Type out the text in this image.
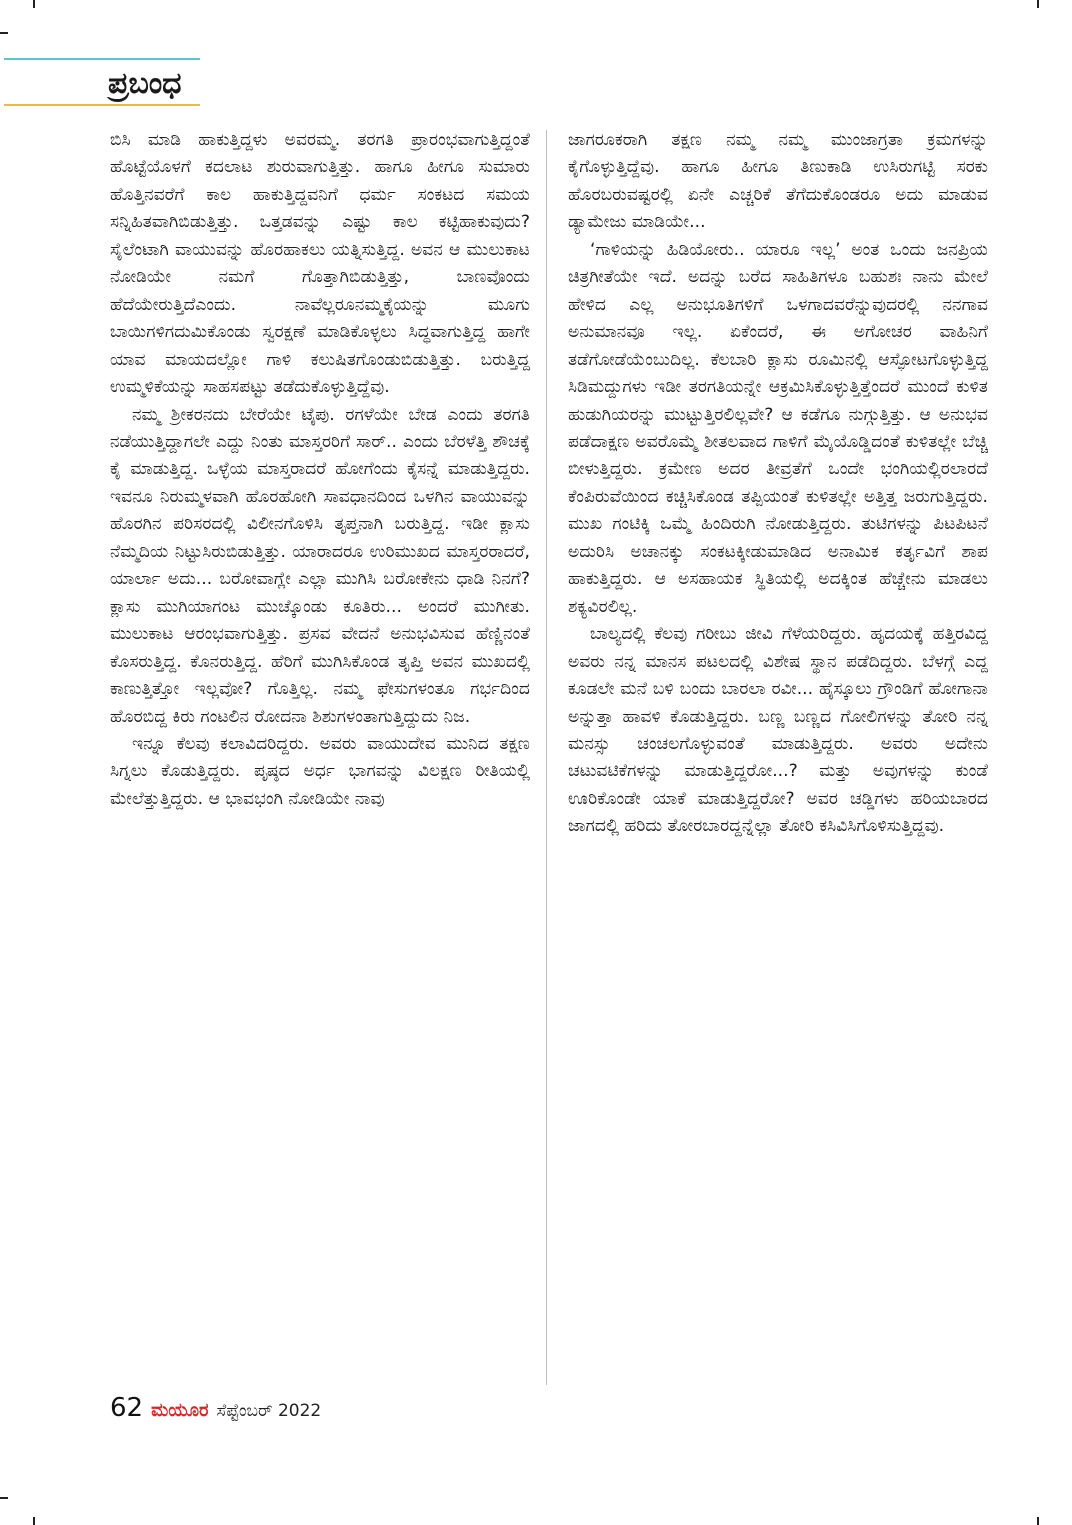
ಪ್ರಬಂಧ

ಬಿಸಿ ಮಾಡಿ ಹಾಕುತ್ತಿದ್ದಳು ಅವರಮ್ಮ. ತರಗತಿ ಪ್ರಾರಂಭವಾಗುತ್ತಿದ್ದಂತೆ ಹೊಟ್ಟೆಯೊಳಗೆ ಕದಲಾಟ ಶುರುವಾಗುತ್ತಿತ್ತು. ಹಾಗೂ ಹೀಗೂ ಸುಮಾರು ಹೊತ್ತಿನವರೆಗೆ ಕಾಲ ಹಾಕುತ್ತಿದ್ದವನಿಗೆ ಧರ್ಮ ಸಂಕಟದ ಸಮಯ ಸನ್ನಿಹಿತವಾಗಿಬಿಡುತ್ತಿತ್ತು. ಒತ್ತಡವನ್ನು ಎಷ್ಟು ಕಾಲ ಕಟ್ಟಿಹಾಕುವುದು? ಸೈಲೆಂಟಾಗಿ ವಾಯುವನ್ನು ಹೊರಹಾಕಲು ಯತ್ನಿಸುತ್ತಿದ್ದ. ಅವನ ಆ ಮುಲುಕಾಟ ನೋಡಿಯೇ ನಮಗೆ ಗೊತ್ತಾಗಿಬಿಡುತ್ತಿತ್ತು, ಬಾಣವೊಂದು ಹೆದೆಯೇರುತ್ತಿದೆಎಂದು. ನಾವೆಲ್ಲರೂನಮ್ಮಕೈಯನ್ನು ಮೂಗು ಬಾಯಿಗಳಿಗದುಮಿಕೊಂಡು ಸ್ವರಕ್ಷಣೆ ಮಾಡಿಕೊಳ್ಳಲು ಸಿದ್ಧವಾಗುತ್ತಿದ್ದ ಹಾಗೇ ಯಾವ ಮಾಯದಲ್ಲೋ ಗಾಳಿ ಕಲುಷಿತಗೊಂಡುಬಿಡುತ್ತಿತ್ತು. ಬರುತ್ತಿದ್ದ ಉಮ್ಮಳಿಕೆಯನ್ನು ಸಾಹಸಪಟ್ಟು ತಡೆದುಕೊಳ್ಳುತ್ತಿದ್ದೆವು.

ನಮ್ಮ ಶ್ರೀಕರನದು ಬೇರೆಯೇ ಟೈಪು. ರಗಳೆಯೇ ಬೇಡ ಎಂದು ತರಗತಿ ನಡೆಯುತ್ತಿದ್ದಾಗಲೇ ಎದ್ದು ನಿಂತು ಮಾಸ್ತರರಿಗೆ ಸಾರ್.. ಎಂದು ಬೆರಳೆತ್ತಿ ಶೌಚಕ್ಕೆ ಕೈ ಮಾಡುತ್ತಿದ್ದ. ಒಳ್ಳೆಯ ಮಾಸ್ತರಾದರೆ ಹೋಗೆಂದು ಕೈಸನ್ನೆ ಮಾಡುತ್ತಿದ್ದರು. ಇವನೂ ನಿರುಮ್ಮಳವಾಗಿ ಹೊರಹೋಗಿ ಸಾವಧಾನದಿಂದ ಒಳಗಿನ ವಾಯುವನ್ನು ಹೊರಗಿನ ಪರಿಸರದಲ್ಲಿ ವಿಲೀನಗೊಳಿಸಿ ತೃಪ್ತನಾಗಿ ಬರುತ್ತಿದ್ದ. ಇಡೀ ಕ್ಲಾಸು ನೆಮ್ಮದಿಯ ನಿಟ್ಟುಸಿರುಬಿಡುತ್ತಿತ್ತು. ಯಾರಾದರೂ ಉರಿಮುಖದ ಮಾಸ್ತರರಾದರೆ, ಯಾರ್ಲಾ ಅದು... ಬರೋವಾಗ್ಲೇ ಎಲ್ಲಾ ಮುಗಿಸಿ ಬರೋಕೇನು ಧಾಡಿ ನಿನಗೆ? ಕ್ಲಾಸು ಮುಗಿಯಾಗಂಟ ಮುಚ್ಕೊಂಡು ಕೂತಿರು... ಅಂದರೆ ಮುಗೀತು. ಮುಲುಕಾಟ ಆರಂಭವಾಗುತ್ತಿತ್ತು. ಪ್ರಸವ ವೇದನೆ ಅನುಭವಿಸುವ ಹೆಣ್ಣಿನಂತೆ ಕೊಸರುತ್ತಿದ್ದ. ಕೊನರುತ್ತಿದ್ದ. ಹೆರಿಗೆ ಮುಗಿಸಿಕೊಂಡ ತೃಪ್ತಿ ಅವನ ಮುಖದಲ್ಲಿ ಕಾಣುತ್ತಿತ್ತೋ ಇಲ್ಲವೋ? ಗೊತ್ತಿಲ್ಲ. ನಮ್ಮ ಫೇಸುಗಳಂತೂ ಗರ್ಭದಿಂದ ಹೊರಬಿದ್ದ ಕಿರು ಗಂಟಲಿನ ರೋದನಾ ಶಿಶುಗಳಂತಾಗುತ್ತಿದ್ದುದು ನಿಜ.

ಇನ್ನೂ ಕೆಲವು ಕಲಾವಿದರಿದ್ದರು. ಅವರು ವಾಯುದೇವ ಮುನಿದ ತಕ್ಷಣ ಸಿಗ್ನಲು ಕೊಡುತ್ತಿದ್ದರು. ಪೃಷ್ಠದ ಅರ್ಧ ಭಾಗವನ್ನು ವಿಲಕ್ಷಣ ರೀತಿಯಲ್ಲಿ ಮೇಲೆತ್ತುತ್ತಿದ್ದರು. ಆ ಭಾವಭಂಗಿ ನೋಡಿಯೇ ನಾವು

ಜಾಗರೂಕರಾಗಿ ತಕ್ಷಣ ನಮ್ಮ ನಮ್ಮ ಮುಂಜಾಗ್ರತಾ ಕ್ರಮಗಳನ್ನು ಕೈಗೊಳ್ಳುತ್ತಿದ್ದೆವು. ಹಾಗೂ ಹೀಗೂ ತಿಣುಕಾಡಿ ಉಸಿರುಗಟ್ಟಿ ಸರಕು ಹೊರಬರುವಷ್ಟರಲ್ಲಿ ಏನೇ ಎಚ್ಚರಿಕೆ ತೆಗೆದುಕೊಂಡರೂ ಅದು ಮಾಡುವ ಡ್ಯಾಮೇಜು ಮಾಡಿಯೇ...

‘ಗಾಳಿಯನ್ನು ಹಿಡಿಯೋರು.. ಯಾರೂ ಇಲ್ಲ’ ಅಂತ ಒಂದು ಜನಪ್ರಿಯ ಚಿತ್ರಗೀತೆಯೇ ಇದೆ. ಅದನ್ನು ಬರೆದ ಸಾಹಿತಿಗಳೂ ಬಹುಶಃ ನಾನು ಮೇಲೆ ಹೇಳಿದ ಎಲ್ಲ ಅನುಭೂತಿಗಳಿಗೆ ಒಳಗಾದವರೆನ್ನುವುದರಲ್ಲಿ ನನಗಾವ ಅನುಮಾನವೂ ಇಲ್ಲ. ಏಕೆಂದರೆ, ಈ ಅಗೋಚರ ವಾಹಿನಿಗೆ ತಡೆಗೋಡೆಯೆಂಬುದಿಲ್ಲ. ಕೆಲಬಾರಿ ಕ್ಲಾಸು ರೂಮಿನಲ್ಲಿ ಆಸ್ಫೋಟಗೊಳ್ಳುತ್ತಿದ್ದ ಸಿಡಿಮದ್ದುಗಳು ಇಡೀ ತರಗತಿಯನ್ನೇ ಆಕ್ರಮಿಸಿಕೊಳ್ಳುತ್ತಿತ್ತೆಂದರೆ ಮುಂದೆ ಕುಳಿತ ಹುಡುಗಿಯರನ್ನು ಮುಟ್ಟುತ್ತಿರಲಿಲ್ಲವೇ? ಆ ಕಡೆಗೂ ನುಗ್ಗುತ್ತಿತ್ತು. ಆ ಅನುಭವ ಪಡೆದಾಕ್ಷಣ ಅವರೊಮ್ಮೆ ಶೀತಲವಾದ ಗಾಳಿಗೆ ಮೈಯೊಡ್ಡಿದಂತೆ ಕುಳಿತಲ್ಲೇ ಬೆಚ್ಚಿ ಬೀಳುತ್ತಿದ್ದರು. ಕ್ರಮೇಣ ಅದರ ತೀವ್ರತೆಗೆ ಒಂದೇ ಭಂಗಿಯಲ್ಲಿರಲಾರದೆ ಕೆಂಪಿರುವೆಯಿಂದ ಕಚ್ಚಿಸಿಕೊಂಡ ತಪ್ಪಿಯಂತೆ ಕುಳಿತಲ್ಲೇ ಅತ್ತಿತ್ತ ಜರುಗುತ್ತಿದ್ದರು. ಮುಖ ಗಂಟಿಕ್ಕಿ ಒಮ್ಮೆ ಹಿಂದಿರುಗಿ ನೋಡುತ್ತಿದ್ದರು. ತುಟಿಗಳನ್ನು ಪಿಟಪಿಟನೆ ಅದುರಿಸಿ ಅಚಾನಕ್ಕು ಸಂಕಟಕ್ಕೀಡುಮಾಡಿದ ಅನಾಮಿಕ ಕರ್ತೃವಿಗೆ ಶಾಪ ಹಾಕುತ್ತಿದ್ದರು. ಆ ಅಸಹಾಯಕ ಸ್ಥಿತಿಯಲ್ಲಿ ಅದಕ್ಕಿಂತ ಹೆಚ್ಚೇನು ಮಾಡಲು ಶಕ್ಯವಿರಲಿಲ್ಲ.

ಬಾಲ್ಯದಲ್ಲಿ ಕೆಲವು ಗರೀಬು ಜೀವಿ ಗೆಳೆಯರಿದ್ದರು. ಹೃದಯಕ್ಕೆ ಹತ್ತಿರವಿದ್ದ ಅವರು ನನ್ನ ಮಾನಸ ಪಟಲದಲ್ಲಿ ವಿಶೇಷ ಸ್ಥಾನ ಪಡೆದಿದ್ದರು. ಬೆಳಗ್ಗೆ ಎದ್ದ ಕೂಡಲೇ ಮನೆ ಬಳಿ ಬಂದು ಬಾರಲಾ ರವೀ... ಹೈಸ್ಕೂಲು ಗ್ರೌಂಡಿಗೆ ಹೋಗಾನಾ ಅನ್ನುತ್ತಾ ಹಾವಳಿ ಕೊಡುತ್ತಿದ್ದರು. ಬಣ್ಣ ಬಣ್ಣದ ಗೋಲಿಗಳನ್ನು ತೋರಿ ನನ್ನ ಮನಸ್ಸು ಚಂಚಲಗೊಳ್ಳುವಂತೆ ಮಾಡುತ್ತಿದ್ದರು. ಅವರು ಅದೇನು ಚಟುವಟಿಕೆಗಳನ್ನು ಮಾಡುತ್ತಿದ್ದರೋ...? ಮತ್ತು ಅವುಗಳನ್ನು ಕುಂಡೆ ಊರಿಕೊಂಡೇ ಯಾಕೆ ಮಾಡುತ್ತಿದ್ದರೋ? ಅವರ ಚಡ್ಡಿಗಳು ಹರಿಯಬಾರದ ಜಾಗದಲ್ಲಿ ಹರಿದು ತೋರಬಾರದ್ದನ್ನೆಲ್ಲಾ ತೋರಿ ಕಸಿವಿಸಿಗೊಳಿಸುತ್ತಿದ್ದವು.

62 ಮಯೂರ ಸೆಪ್ಟೆಂಬರ್ 2022
